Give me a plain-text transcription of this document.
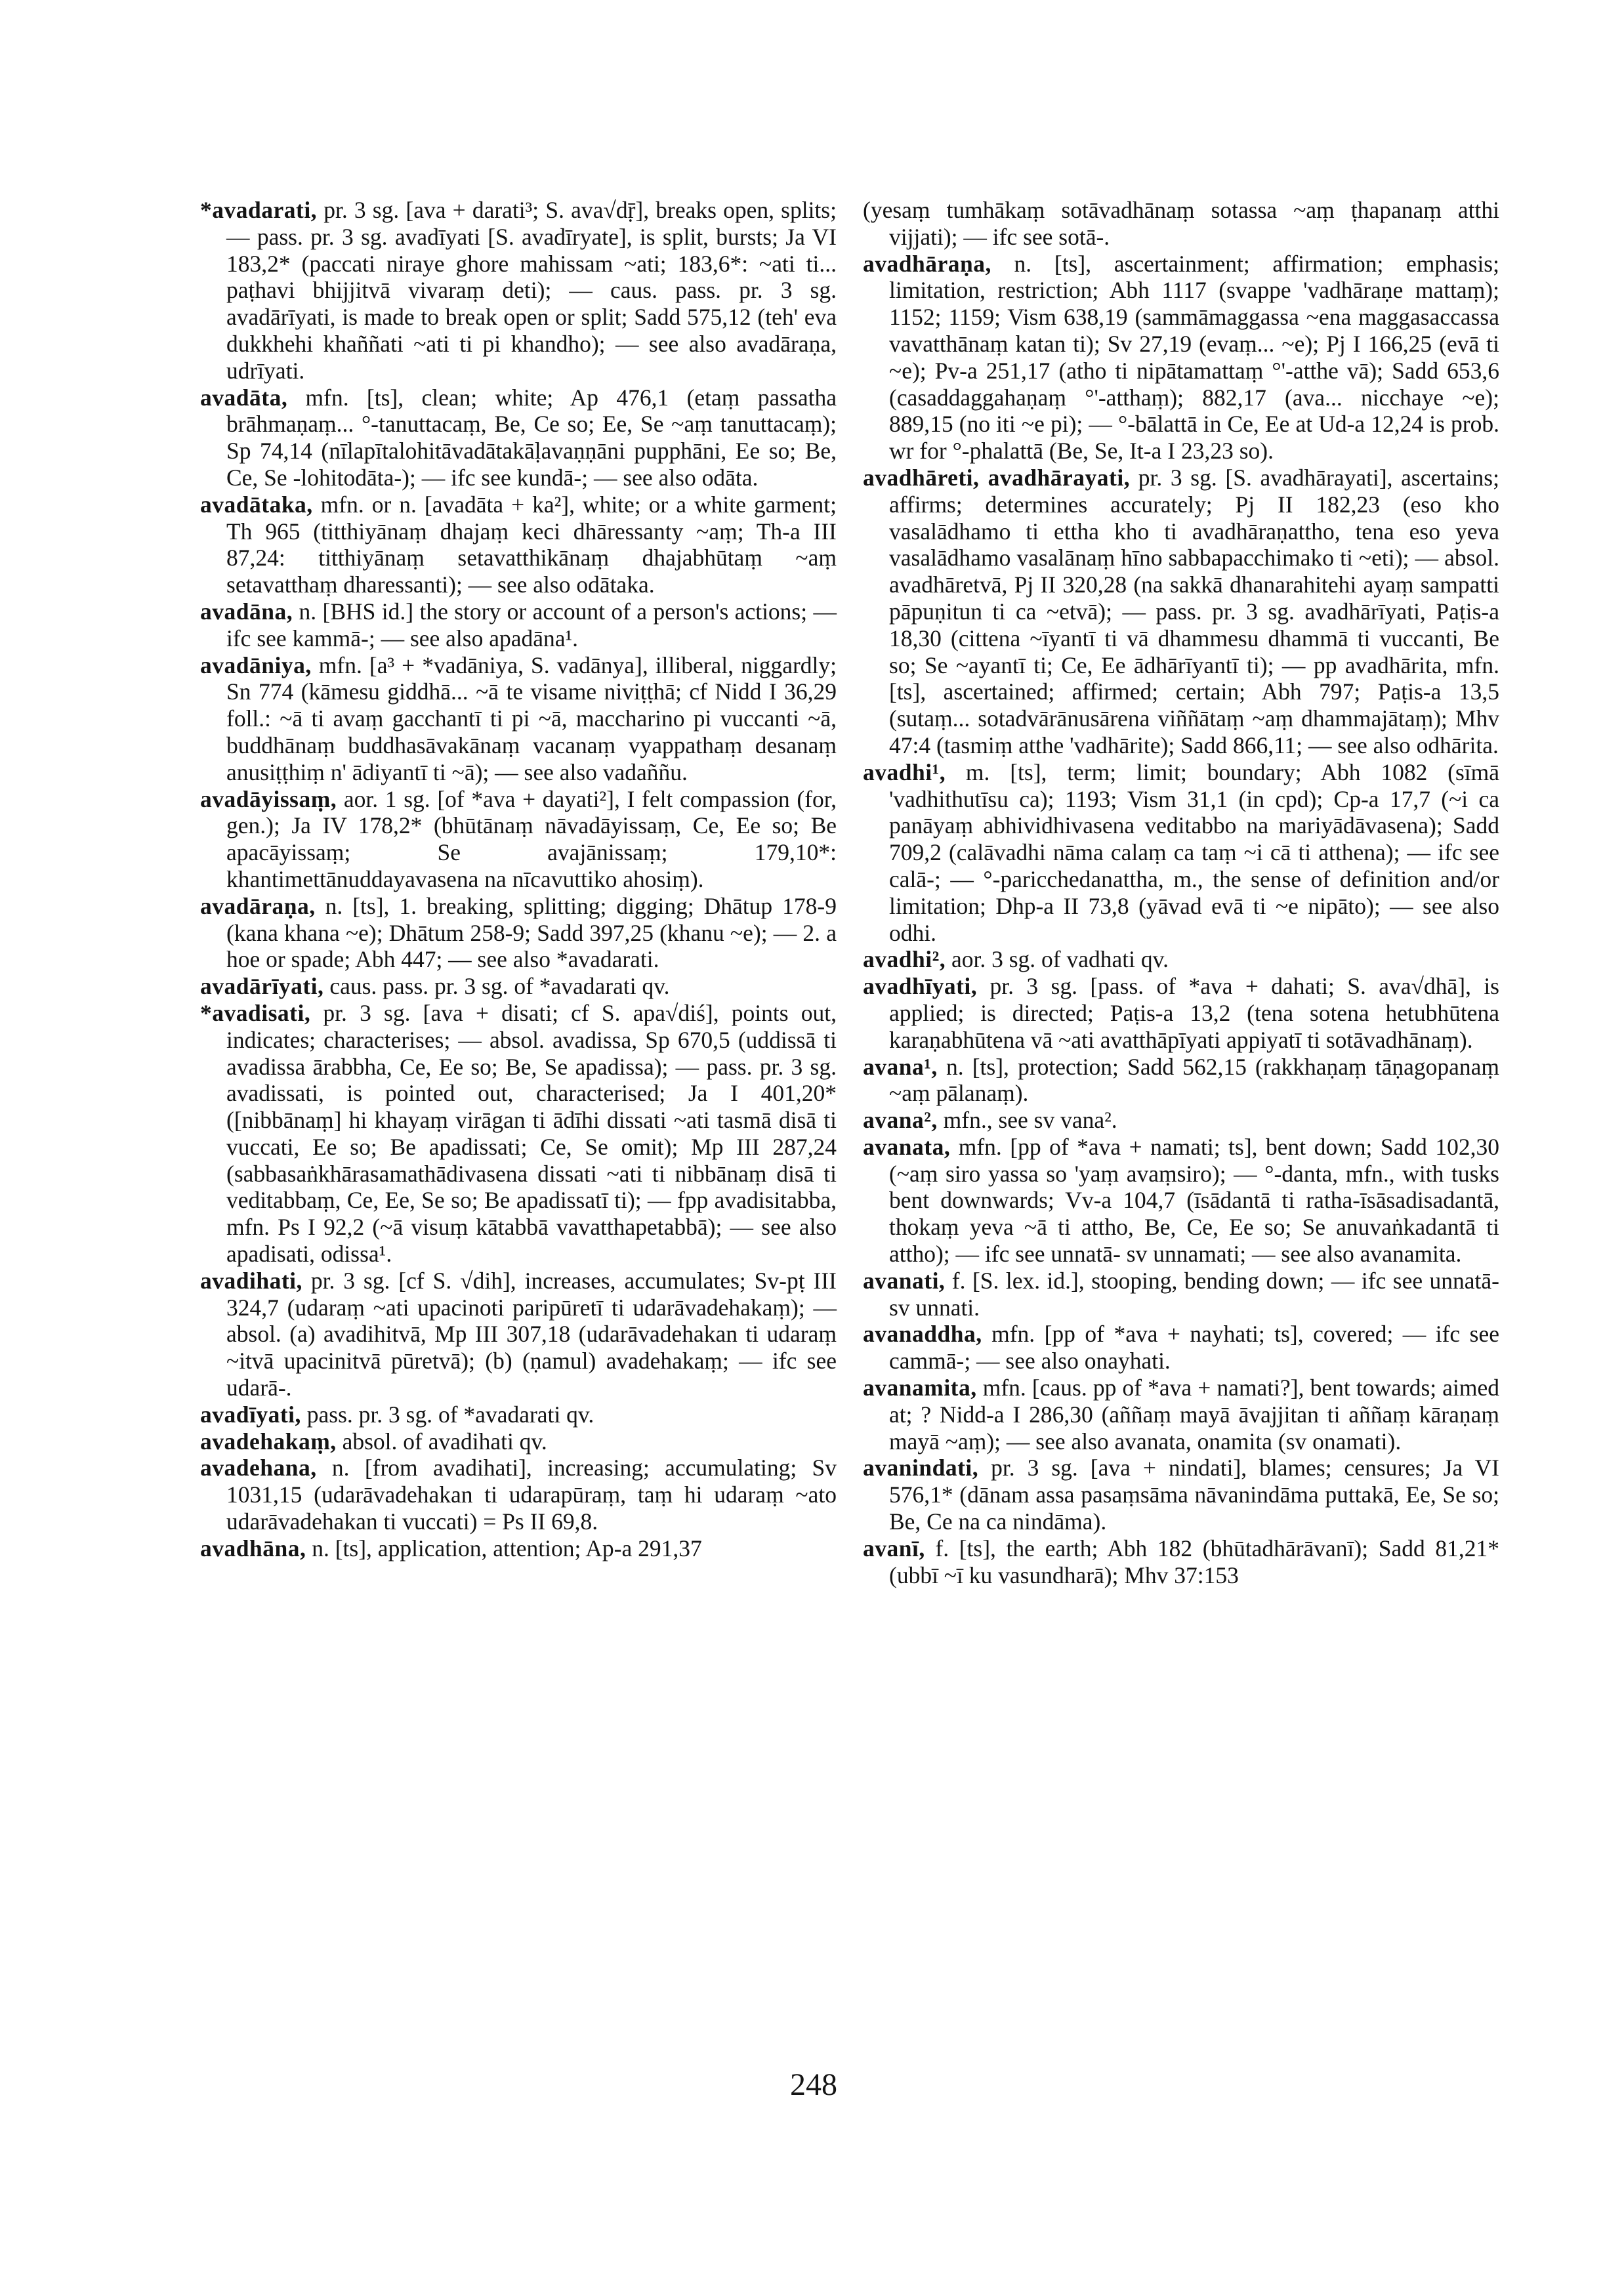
*avadarati, pr. 3 sg. [ava + darati³; S. ava√dṝ], breaks open, splits; — pass. pr. 3 sg. avadīyati [S. avadīryate], is split, bursts; Ja VI 183,2* (paccati niraye ghore mahissam ~ati; 183,6*: ~ati ti... paṭhavi bhijjitvā vivaraṃ deti); — caus. pass. pr. 3 sg. avadārīyati, is made to break open or split; Sadd 575,12 (teh' eva dukkhehi khaññati ~ati ti pi khandho); — see also avadāraṇa, udrīyati.
avadāta, mfn. [ts], clean; white; Ap 476,1 (etaṃ passatha brāhmaṇaṃ... °-tanuttacaṃ, Be, Ce so; Ee, Se ~aṃ tanuttacaṃ); Sp 74,14 (nīlapītalohitāvadātakāḷavaṇṇāni pupphāni, Ee so; Be, Ce, Se -lohitodāta-); — ifc see kundā-; — see also odāta.
avadātaka, mfn. or n. [avadāta + ka²], white; or a white garment; Th 965 (titthiyānaṃ dhajaṃ keci dhāressanty ~aṃ; Th-a III 87,24: titthiyānaṃ setavatthikānaṃ dhajabhūtaṃ ~aṃ setavatthaṃ dharessanti); — see also odātaka.
avadāna, n. [BHS id.] the story or account of a person's actions; — ifc see kammā-; — see also apadāna¹.
avadāniya, mfn. [a³ + *vadāniya, S. vadānya], illiberal, niggardly; Sn 774 (kāmesu giddhā... ~ā te visame niviṭṭhā; cf Nidd I 36,29 foll.: ~ā ti avaṃ gacchantī ti pi ~ā, maccharino pi vuccanti ~ā, buddhānaṃ buddhasāvakānaṃ vacanaṃ vyappathaṃ desanaṃ anusiṭṭhiṃ n' ādiyantī ti ~ā); — see also vadaññu.
avadāyissaṃ, aor. 1 sg. [of *ava + dayati²], I felt compassion (for, gen.); Ja IV 178,2* (bhūtānaṃ nāvadāyissaṃ, Ce, Ee so; Be apacāyissaṃ; Se avajānissaṃ; 179,10*: khantimettānuddayavasena na nīcavuttiko ahosiṃ).
avadāraṇa, n. [ts], 1. breaking, splitting; digging; Dhātup 178-9 (kana khana ~e); Dhātum 258-9; Sadd 397,25 (khanu ~e); — 2. a hoe or spade; Abh 447; — see also *avadarati.
avadārīyati, caus. pass. pr. 3 sg. of *avadarati qv.
*avadisati, pr. 3 sg. [ava + disati; cf S. apa√diś], points out, indicates; characterises; — absol. avadissa, Sp 670,5 (uddissā ti avadissa ārabbha, Ce, Ee so; Be, Se apadissa); — pass. pr. 3 sg. avadissati, is pointed out, characterised; Ja I 401,20* ([nibbānaṃ] hi khayaṃ virāgan ti ādīhi dissati ~ati tasmā disā ti vuccati, Ee so; Be apadissati; Ce, Se omit); Mp III 287,24 (sabbasaṅkhārasamathādivasena dissati ~ati ti nibbānaṃ disā ti veditabbaṃ, Ce, Ee, Se so; Be apadissatī ti); — fpp avadisitabba, mfn. Ps I 92,2 (~ā visuṃ kātabbā vavatthapetabbā); — see also apadisati, odissa¹.
avadihati, pr. 3 sg. [cf S. √dih], increases, accumulates; Sv-pṭ III 324,7 (udaraṃ ~ati upacinoti paripūretī ti udarāvadehakaṃ); — absol. (a) avadihitvā, Mp III 307,18 (udarāvadehakan ti udaraṃ ~itvā upacinitvā pūretvā); (b) (ṇamul) avadehakaṃ; — ifc see udarā-.
avadīyati, pass. pr. 3 sg. of *avadarati qv.
avadehakaṃ, absol. of avadihati qv.
avadehana, n. [from avadihati], increasing; accumulating; Sv 1031,15 (udarāvadehakan ti udarapūraṃ, taṃ hi udaraṃ ~ato udarāvadehakan ti vuccati) = Ps II 69,8.
avadhāna, n. [ts], application, attention; Ap-a 291,37
(yesaṃ tumhākaṃ sotāvadhānaṃ sotassa ~aṃ ṭhapanaṃ atthi vijjati); — ifc see sotā-.
avadhāraṇa, n. [ts], ascertainment; affirmation; emphasis; limitation, restriction; Abh 1117 (svappe 'vadhāraṇe mattaṃ); 1152; 1159; Vism 638,19 (sammāmaggassa ~ena maggasaccassa vavatthānaṃ katan ti); Sv 27,19 (evaṃ... ~e); Pj I 166,25 (evā ti ~e); Pv-a 251,17 (atho ti nipātamattaṃ °'-atthe vā); Sadd 653,6 (casaddaggahaṇaṃ °'-atthaṃ); 882,17 (ava... nicchaye ~e); 889,15 (no iti ~e pi); — °-bālattā in Ce, Ee at Ud-a 12,24 is prob. wr for °-phalattā (Be, Se, It-a I 23,23 so).
avadhāreti, avadhārayati, pr. 3 sg. [S. avadhārayati], ascertains; affirms; determines accurately; Pj II 182,23 (eso kho vasalādhamo ti ettha kho ti avadhāraṇattho, tena eso yeva vasalādhamo vasalānaṃ hīno sabbapacchimako ti ~eti); — absol. avadhāretvā, Pj II 320,28 (na sakkā dhanarahitehi ayaṃ sampatti pāpuṇitun ti ca ~etvā); — pass. pr. 3 sg. avadhārīyati, Paṭis-a 18,30 (cittena ~īyantī ti vā dhammesu dhammā ti vuccanti, Be so; Se ~ayantī ti; Ce, Ee ādhārīyantī ti); — pp avadhārita, mfn. [ts], ascertained; affirmed; certain; Abh 797; Paṭis-a 13,5 (sutaṃ... sotadvārānusārena viññātaṃ ~aṃ dhammajātaṃ); Mhv 47:4 (tasmiṃ atthe 'vadhārite); Sadd 866,11; — see also odhārita.
avadhi¹, m. [ts], term; limit; boundary; Abh 1082 (sīmā 'vadhithutīsu ca); 1193; Vism 31,1 (in cpd); Cp-a 17,7 (~i ca panāyaṃ abhividhivasena veditabbo na mariyādāvasena); Sadd 709,2 (calāvadhi nāma calaṃ ca taṃ ~i cā ti atthena); — ifc see calā-; — °-paricchedanattha, m., the sense of definition and/or limitation; Dhp-a II 73,8 (yāvad evā ti ~e nipāto); — see also odhi.
avadhi², aor. 3 sg. of vadhati qv.
avadhīyati, pr. 3 sg. [pass. of *ava + dahati; S. ava√dhā], is applied; is directed; Paṭis-a 13,2 (tena sotena hetubhūtena karaṇabhūtena vā ~ati avatthāpīyati appiyatī ti sotāvadhānaṃ).
avana¹, n. [ts], protection; Sadd 562,15 (rakkhaṇaṃ tāṇagopanaṃ ~aṃ pālanaṃ).
avana², mfn., see sv vana².
avanata, mfn. [pp of *ava + namati; ts], bent down; Sadd 102,30 (~aṃ siro yassa so 'yaṃ avaṃsiro); — °-danta, mfn., with tusks bent downwards; Vv-a 104,7 (īsādantā ti ratha-īsāsadisadantā, thokaṃ yeva ~ā ti attho, Be, Ce, Ee so; Se anuvaṅkadantā ti attho); — ifc see unnatā- sv unnamati; — see also avanamita.
avanati, f. [S. lex. id.], stooping, bending down; — ifc see unnatā- sv unnati.
avanaddha, mfn. [pp of *ava + nayhati; ts], covered; — ifc see cammā-; — see also onayhati.
avanamita, mfn. [caus. pp of *ava + namati?], bent towards; aimed at; ? Nidd-a I 286,30 (aññaṃ mayā āvajjitan ti aññaṃ kāraṇaṃ mayā ~aṃ); — see also avanata, onamita (sv onamati).
avanindati, pr. 3 sg. [ava + nindati], blames; censures; Ja VI 576,1* (dānam assa pasaṃsāma nāvanindāma puttakā, Ee, Se so; Be, Ce na ca nindāma).
avanī, f. [ts], the earth; Abh 182 (bhūtadhārāvanī); Sadd 81,21* (ubbī ~ī ku vasundharā); Mhv 37:153
248
